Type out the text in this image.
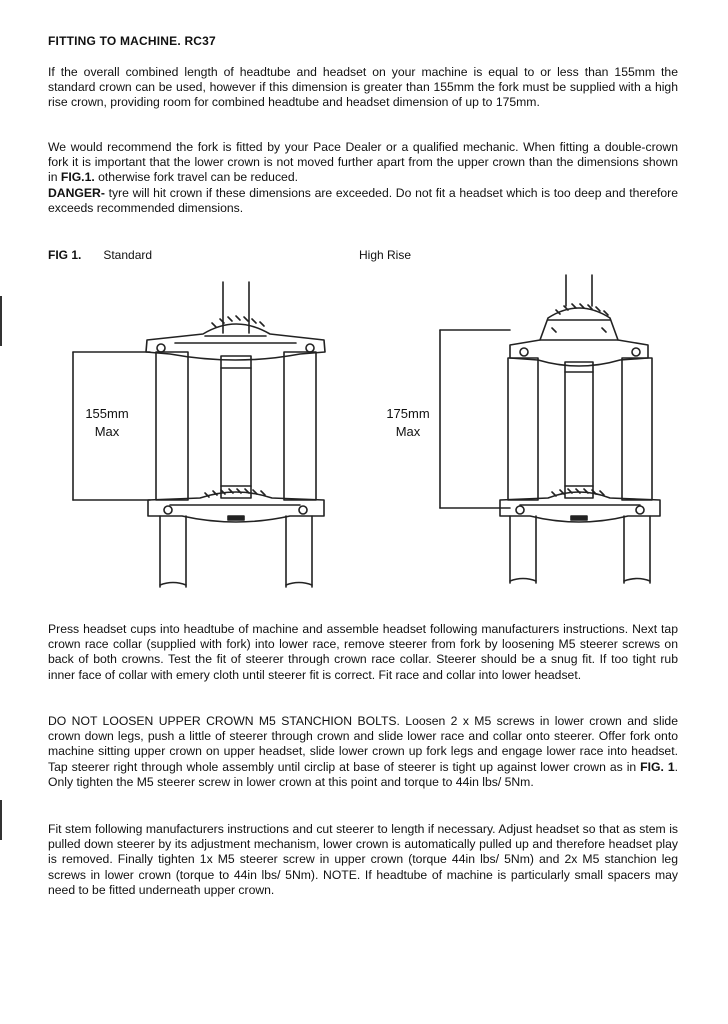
FITTING TO MACHINE. RC37
If the overall combined length of headtube and headset on your machine is equal to or less than 155mm the standard crown can be used, however if this dimension is greater than 155mm the fork must be supplied with a high rise crown, providing room for combined headtube and headset dimension of up to 175mm.
We would recommend the fork is fitted by your Pace Dealer or a qualified mechanic. When fitting a double-crown fork it is important that the lower crown is not moved further apart from the upper crown than the dimensions shown in FIG.1. otherwise fork travel can be reduced.
DANGER- tyre will hit crown if these dimensions are exceeded. Do not fit a headset which is too deep and therefore exceeds recommended dimensions.
FIG 1. Standard	High Rise
155mm
Max
175mm
Max
Press headset cups into headtube of machine and assemble headset following manufacturers instructions. Next tap crown race collar (supplied with fork) into lower race, remove steerer from fork by loosening M5 steerer screws on back of both crowns. Test the fit of steerer through crown race collar. Steerer should be a snug fit. If too tight rub inner face of collar with emery cloth until steerer fit is correct. Fit race and collar into lower headset.
DO NOT LOOSEN UPPER CROWN M5 STANCHION BOLTS. Loosen 2 x M5 screws in lower crown and slide crown down legs, push a little of steerer through crown and slide lower race and collar onto steerer. Offer fork onto machine sitting upper crown on upper headset, slide lower crown up fork legs and engage lower race into headset. Tap steerer right through whole assembly until circlip at base of steerer is tight up against lower crown as in FIG. 1. Only tighten the M5 steerer screw in lower crown at this point and torque to 44in lbs/ 5Nm.
Fit stem following manufacturers instructions and cut steerer to length if necessary. Adjust headset so that as stem is pulled down steerer by its adjustment mechanism, lower crown is automatically pulled up and therefore headset play is removed. Finally tighten 1x M5 steerer screw in upper crown (torque 44in lbs/ 5Nm) and 2x M5 stanchion leg screws in lower crown (torque to 44in lbs/ 5Nm). NOTE. If headtube of machine is particularly small spacers may need to be fitted underneath upper crown.
